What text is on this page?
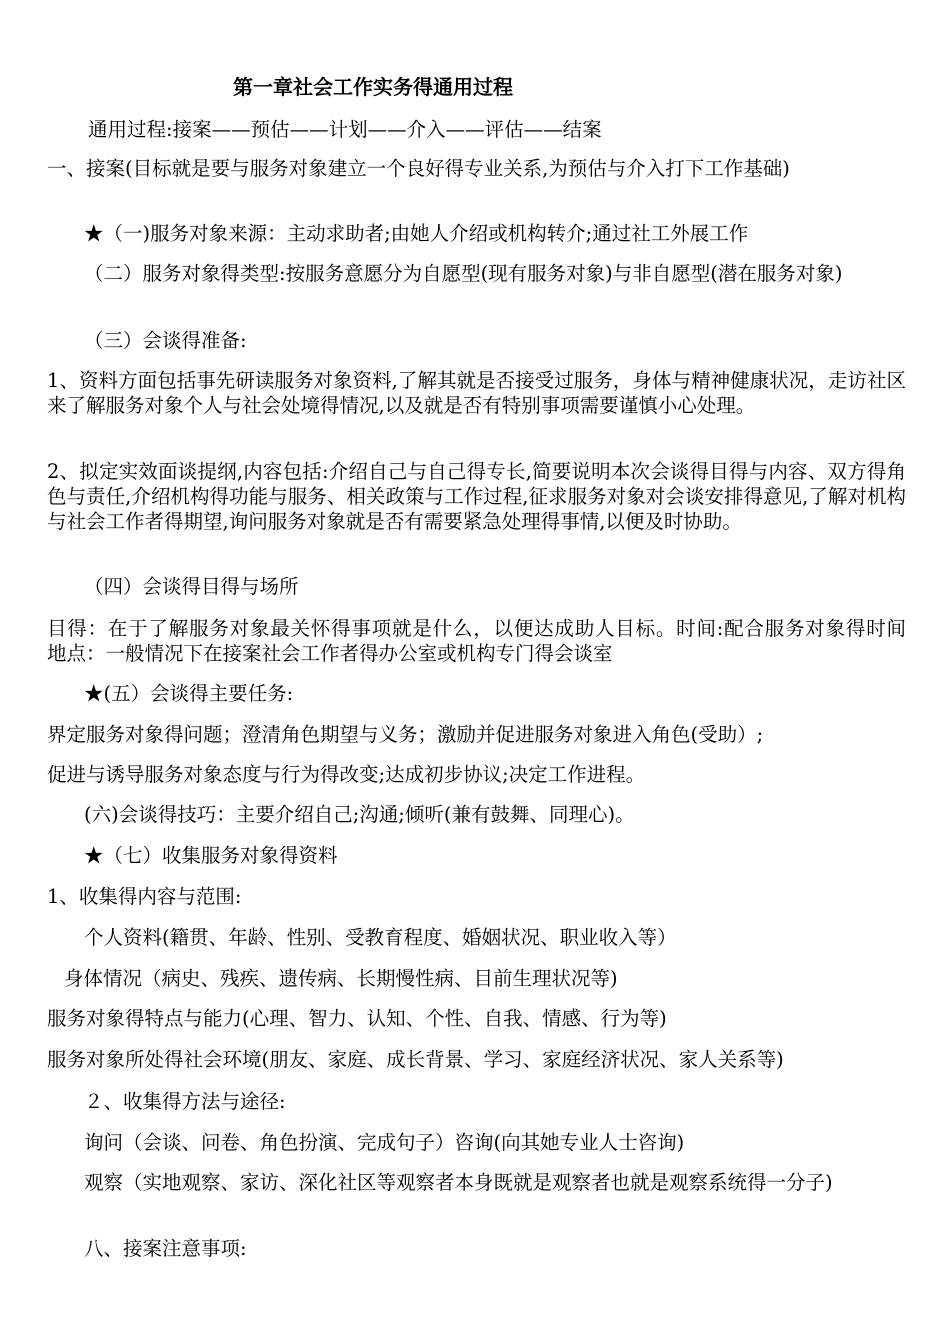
第一章社会工作实务得通用过程
通用过程:接案——预估——计划——介入——评估——结案
一、接案(目标就是要与服务对象建立一个良好得专业关系,为预估与介入打下工作基础)
★（一)服务对象来源：主动求助者;由她人介绍或机构转介;通过社工外展工作
（二）服务对象得类型:按服务意愿分为自愿型(现有服务对象)与非自愿型(潜在服务对象)
（三）会谈得准备:
1、资料方面包括事先研读服务对象资料,了解其就是否接受过服务，身体与精神健康状况，走访社区来了解服务对象个人与社会处境得情况,以及就是否有特别事项需要谨慎小心处理。
2、拟定实效面谈提纲,内容包括:介绍自己与自己得专长,简要说明本次会谈得目得与内容、双方得角色与责任,介绍机构得功能与服务、相关政策与工作过程,征求服务对象对会谈安排得意见,了解对机构与社会工作者得期望,询问服务对象就是否有需要紧急处理得事情,以便及时协助。
（四）会谈得目得与场所
目得：在于了解服务对象最关怀得事项就是什么，以便达成助人目标。时间:配合服务对象得时间　 地点：一般情况下在接案社会工作者得办公室或机构专门得会谈室
★(五）会谈得主要任务:
界定服务对象得问题；澄清角色期望与义务；激励并促进服务对象进入角色(受助）;
促进与诱导服务对象态度与行为得改变;达成初步协议;决定工作进程。
(六)会谈得技巧：主要介绍自己;沟通;倾听(兼有鼓舞、同理心)。
★（七）收集服务对象得资料
1、收集得内容与范围:
个人资料(籍贯、年龄、性别、受教育程度、婚姻状况、职业收入等）
身体情况（病史、残疾、遗传病、长期慢性病、目前生理状况等)
服务对象得特点与能力(心理、智力、认知、个性、自我、情感、行为等)
服务对象所处得社会环境(朋友、家庭、成长背景、学习、家庭经济状况、家人关系等)
２、收集得方法与途径:
询问（会谈、问卷、角色扮演、完成句子）咨询(向其她专业人士咨询)
观察（实地观察、家访、深化社区等观察者本身既就是观察者也就是观察系统得一分子)
八、接案注意事项:
